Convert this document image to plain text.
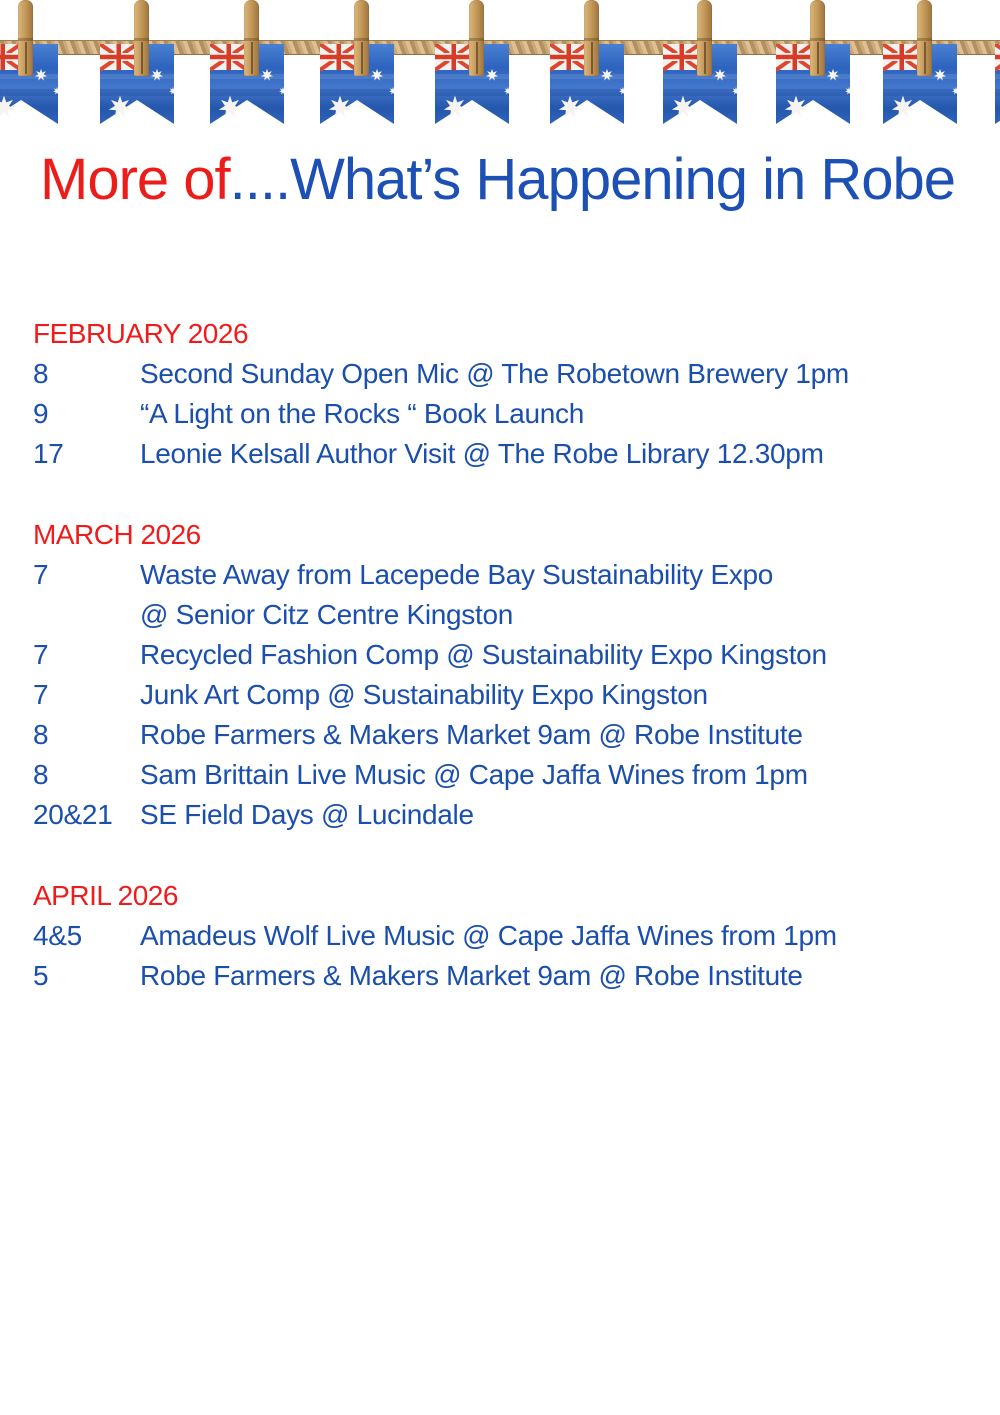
More of....What’s Happening in Robe
FEBRUARY 2026
8	Second Sunday Open Mic @ The Robetown Brewery 1pm
9	“A Light on the Rocks “ Book Launch
17	Leonie Kelsall Author Visit @ The Robe Library 12.30pm
MARCH 2026
7	Waste Away from Lacepede Bay Sustainability Expo
@ Senior Citz Centre Kingston
7	Recycled Fashion Comp @ Sustainability Expo Kingston
7	Junk Art Comp @ Sustainability Expo Kingston
8	Robe Farmers & Makers Market 9am @ Robe Institute
8	Sam Brittain Live Music @ Cape Jaffa Wines from 1pm
20&21 SE Field Days @ Lucindale
APRIL 2026
4&5	Amadeus Wolf Live Music @ Cape Jaffa Wines from 1pm
5	Robe Farmers & Makers Market 9am @ Robe Institute
